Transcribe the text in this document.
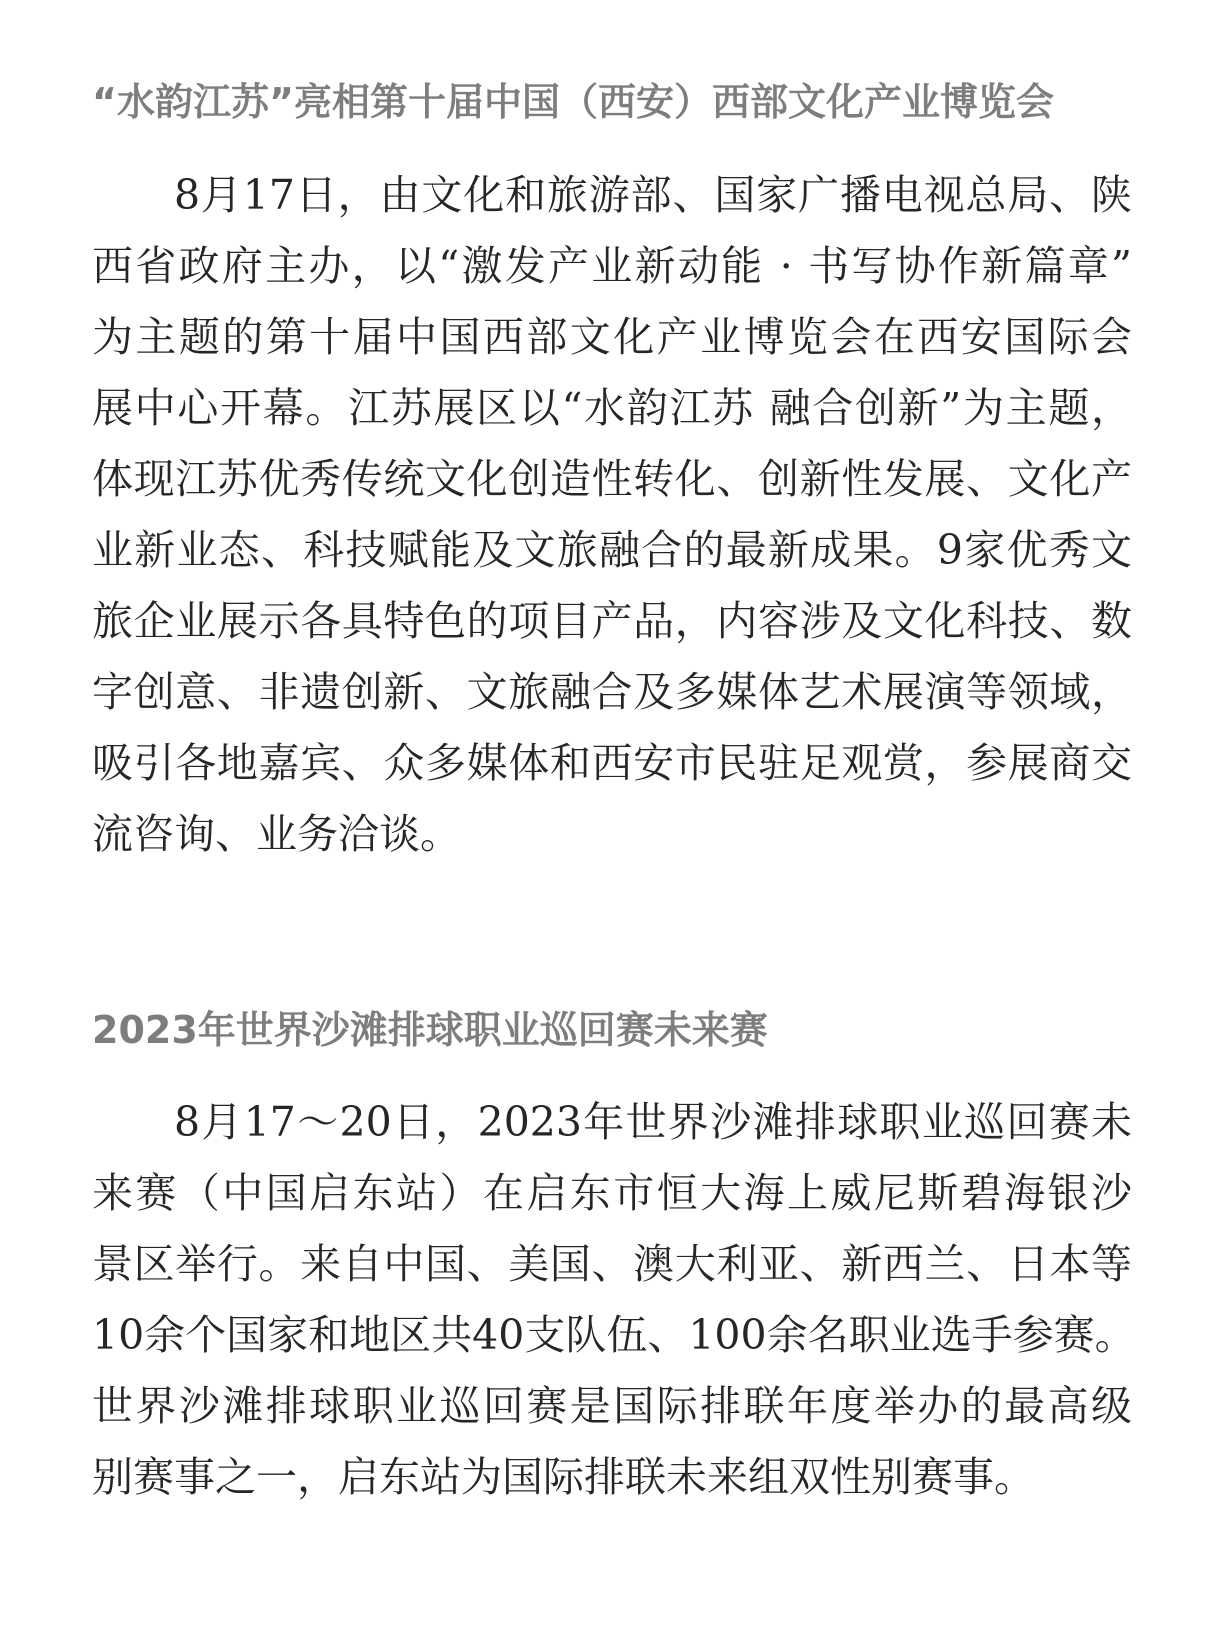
“水韵江苏”亮相第十届中国（西安）西部文化产业博览会
8月17日，由文化和旅游部、国家广播电视总局、陕
西省政府主办，以“激发产业新动能 · 书写协作新篇章”
为主题的第十届中国西部文化产业博览会在西安国际会
展中心开幕。江苏展区以“水韵江苏 融合创新”为主题，
体现江苏优秀传统文化创造性转化、创新性发展、文化产
业新业态、科技赋能及文旅融合的最新成果。9家优秀文
旅企业展示各具特色的项目产品，内容涉及文化科技、数
字创意、非遗创新、文旅融合及多媒体艺术展演等领域，
吸引各地嘉宾、众多媒体和西安市民驻足观赏，参展商交
流咨询、业务洽谈。
2023年世界沙滩排球职业巡回赛未来赛
8月17～20日，2023年世界沙滩排球职业巡回赛未
来赛（中国启东站）在启东市恒大海上威尼斯碧海银沙
景区举行。来自中国、美国、澳大利亚、新西兰、日本等
10余个国家和地区共40支队伍、100余名职业选手参赛。
世界沙滩排球职业巡回赛是国际排联年度举办的最高级
别赛事之一，启东站为国际排联未来组双性别赛事。
